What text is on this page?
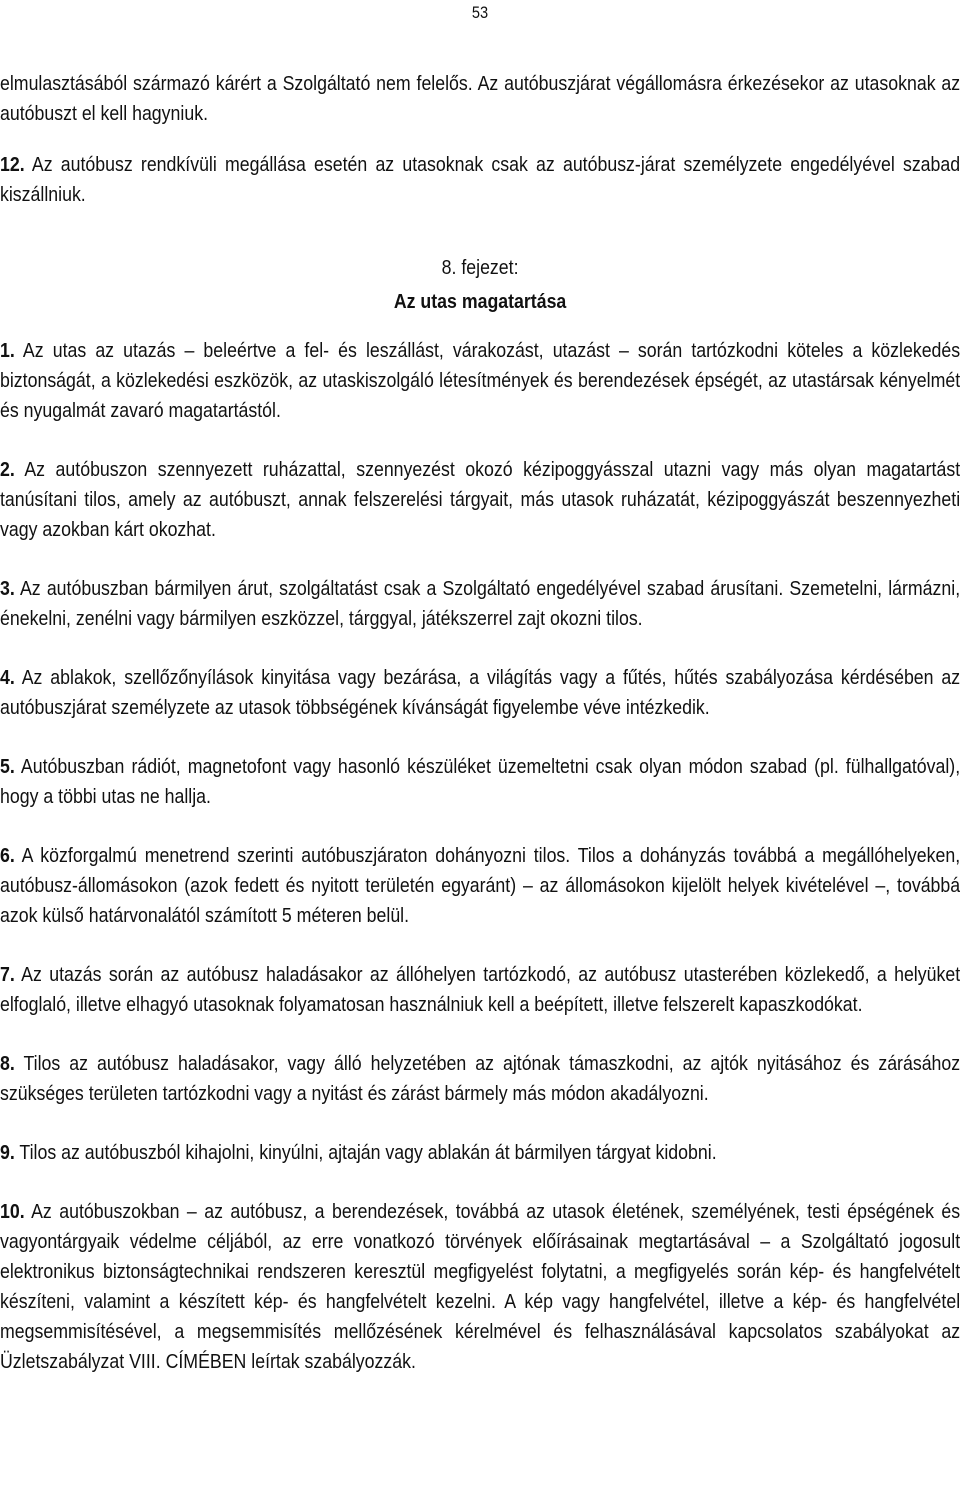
53

elmulasztásából származó kárért a Szolgáltató nem felelős. Az autóbuszjárat végállomásra érkezésekor az utasoknak az autóbuszt el kell hagyniuk.

12. Az autóbusz rendkívüli megállása esetén az utasoknak csak az autóbusz-járat személyzete engedélyével szabad kiszállniuk.

8. fejezet:

Az utas magatartása

1. Az utas az utazás – beleértve a fel- és leszállást, várakozást, utazást – során tartózkodni köteles a közlekedés biztonságát, a közlekedési eszközök, az utaskiszolgáló létesítmények és berendezések épségét, az utastársak kényelmét és nyugalmát zavaró magatartástól.

2. Az autóbuszon szennyezett ruházattal, szennyezést okozó kézipoggyásszal utazni vagy más olyan magatartást tanúsítani tilos, amely az autóbuszt, annak felszerelési tárgyait, más utasok ruházatát, kézipoggyászát beszennyezheti vagy azokban kárt okozhat.

3. Az autóbuszban bármilyen árut, szolgáltatást csak a Szolgáltató engedélyével szabad árusítani. Szemetelni, lármázni, énekelni, zenélni vagy bármilyen eszközzel, tárggyal, játékszerrel zajt okozni tilos.

4. Az ablakok, szellőzőnyílások kinyitása vagy bezárása, a világítás vagy a fűtés, hűtés szabályozása kérdésében az autóbuszjárat személyzete az utasok többségének kívánságát figyelembe véve intézkedik.

5. Autóbuszban rádiót, magnetofont vagy hasonló készüléket üzemeltetni csak olyan módon szabad (pl. fülhallgatóval), hogy a többi utas ne hallja.

6. A közforgalmú menetrend szerinti autóbuszjáraton dohányozni tilos. Tilos a dohányzás továbbá a megállóhelyeken, autóbusz-állomásokon (azok fedett és nyitott területén egyaránt) – az állomásokon kijelölt helyek kivételével –, továbbá azok külső határvonalától számított 5 méteren belül.

7. Az utazás során az autóbusz haladásakor az állóhelyen tartózkodó, az autóbusz utasterében közlekedő, a helyüket elfoglaló, illetve elhagyó utasoknak folyamatosan használniuk kell a beépített, illetve felszerelt kapaszkodókat.

8. Tilos az autóbusz haladásakor, vagy álló helyzetében az ajtónak támaszkodni, az ajtók nyitásához és zárásához szükséges területen tartózkodni vagy a nyitást és zárást bármely más módon akadályozni.

9. Tilos az autóbuszból kihajolni, kinyúlni, ajtaján vagy ablakán át bármilyen tárgyat kidobni.

10. Az autóbuszokban – az autóbusz, a berendezések, továbbá az utasok életének, személyének, testi épségének és vagyontárgyaik védelme céljából, az erre vonatkozó törvények előírásainak megtartásával – a Szolgáltató jogosult elektronikus biztonságtechnikai rendszeren keresztül megfigyelést folytatni, a megfigyelés során kép- és hangfelvételt készíteni, valamint a készített kép- és hangfelvételt kezelni. A kép vagy hangfelvétel, illetve a kép- és hangfelvétel megsemmisítésével, a megsemmisítés mellőzésének kérelmével és felhasználásával kapcsolatos szabályokat az Üzletszabályzat VIII. CÍMÉBEN leírtak szabályozzák.
